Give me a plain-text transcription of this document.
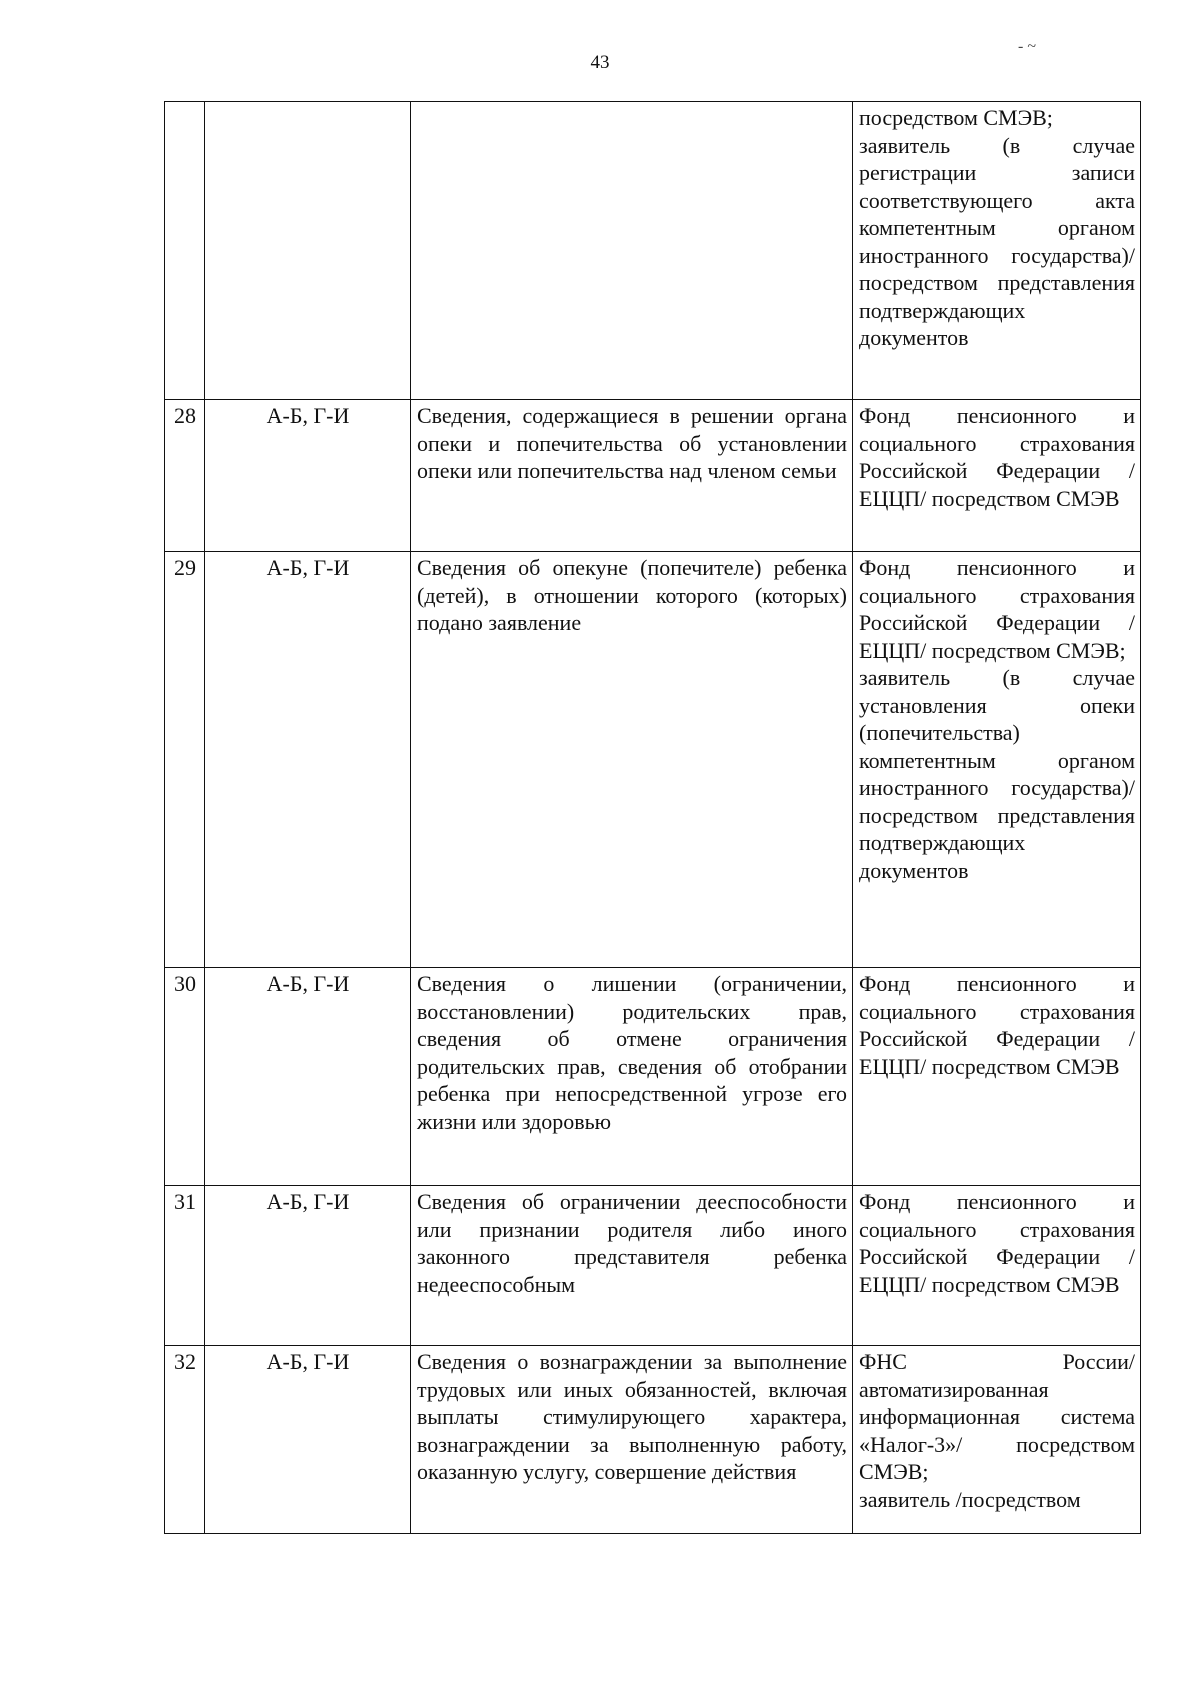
43
- ~

			посредством СМЭВ;
заявитель (в случае регистрации записи соответствующего акта компетентным органом иностранного государства)/посредством представления подтверждающих документов

28	А-Б, Г-И	Сведения, содержащиеся в решении органа опеки и попечительства об установлении опеки или попечительства над членом семьи	Фонд пенсионного и социального страхования Российской Федерации /ЕЦЦП/ посредством СМЭВ

29	А-Б, Г-И	Сведения об опекуне (попечителе) ребенка (детей), в отношении которого (которых) подано заявление	Фонд пенсионного и социального страхования Российской Федерации /ЕЦЦП/ посредством СМЭВ;
заявитель (в случае установления опеки (попечительства) компетентным органом иностранного государства)/посредством представления подтверждающих документов

30	А-Б, Г-И	Сведения о лишении (ограничении, восстановлении) родительских прав, сведения об отмене ограничения родительских прав, сведения об отобрании ребенка при непосредственной угрозе его жизни или здоровью	Фонд пенсионного и социального страхования Российской Федерации /ЕЦЦП/ посредством СМЭВ

31	А-Б, Г-И	Сведения об ограничении дееспособности или признании родителя либо иного законного представителя ребенка недееспособным	Фонд пенсионного и социального страхования Российской Федерации /ЕЦЦП/ посредством СМЭВ

32	А-Б, Г-И	Сведения о вознаграждении за выполнение трудовых или иных обязанностей, включая выплаты стимулирующего характера, вознаграждении за выполненную работу, оказанную услугу, совершение действия	ФНС России/ автоматизированная информационная система «Налог-3»/ посредством СМЭВ;
заявитель /посредством
